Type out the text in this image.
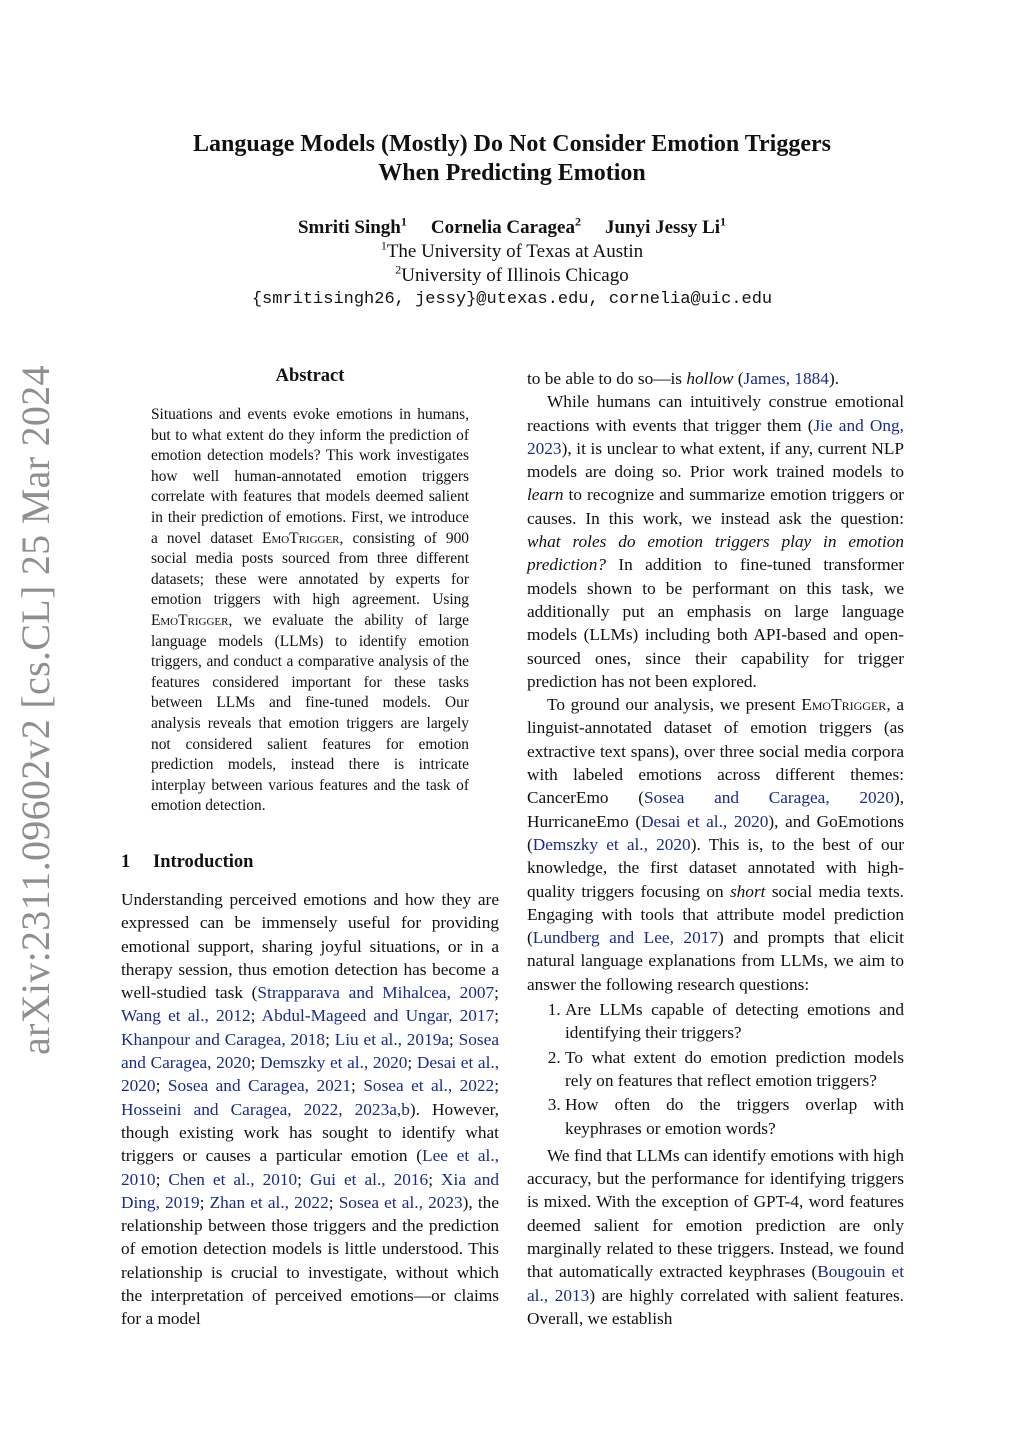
arXiv:2311.09602v2 [cs.CL] 25 Mar 2024
Language Models (Mostly) Do Not Consider Emotion Triggers
When Predicting Emotion
Smriti Singh$^1$ Cornelia Caragea$^2$ Junyi Jessy Li$^1$
$^1$The University of Texas at Austin
$^2$University of Illinois Chicago
{smritisingh26, jessy}@utexas.edu, cornelia@uic.edu
Abstract
Situations and events evoke emotions in humans, but to what extent do they inform the prediction of emotion detection models? This work investigates how well human-annotated emotion triggers correlate with features that models deemed salient in their prediction of emotions. First, we introduce a novel dataset EmoTrigger, consisting of 900 social media posts sourced from three different datasets; these were annotated by experts for emotion triggers with high agreement. Using EmoTrigger, we evaluate the ability of large language models (LLMs) to identify emotion triggers, and conduct a comparative analysis of the features considered important for these tasks between LLMs and fine-tuned models. Our analysis reveals that emotion triggers are largely not considered salient features for emotion prediction models, instead there is intricate interplay between various features and the task of emotion detection.
1 Introduction

Understanding perceived emotions and how they are expressed can be immensely useful for providing emotional support, sharing joyful situations, or in a therapy session, thus emotion detection has become a well-studied task (Strapparava and Mihalcea, 2007; Wang et al., 2012; Abdul-Mageed and Ungar, 2017; Khanpour and Caragea, 2018; Liu et al., 2019a; Sosea and Caragea, 2020; Demszky et al., 2020; Desai et al., 2020; Sosea and Caragea, 2021; Sosea et al., 2022; Hosseini and Caragea, 2022, 2023a,b). However, though existing work has sought to identify what triggers or causes a particular emotion (Lee et al., 2010; Chen et al., 2010; Gui et al., 2016; Xia and Ding, 2019; Zhan et al., 2022; Sosea et al., 2023), the relationship between those triggers and the prediction of emotion detection models is little understood. This relationship is crucial to investigate, without which the interpretation of perceived emotions—or claims for a model

to be able to do so—is hollow (James, 1884).

While humans can intuitively construe emotional reactions with events that trigger them (Jie and Ong, 2023), it is unclear to what extent, if any, current NLP models are doing so. Prior work trained models to learn to recognize and summarize emotion triggers or causes. In this work, we instead ask the question: what roles do emotion triggers play in emotion prediction? In addition to fine-tuned transformer models shown to be performant on this task, we additionally put an emphasis on large language models (LLMs) including both API-based and open-sourced ones, since their capability for trigger prediction has not been explored.

To ground our analysis, we present EmoTrigger, a linguist-annotated dataset of emotion triggers (as extractive text spans), over three social media corpora with labeled emotions across different themes: CancerEmo (Sosea and Caragea, 2020), HurricaneEmo (Desai et al., 2020), and GoEmotions (Demszky et al., 2020). This is, to the best of our knowledge, the first dataset annotated with high-quality triggers focusing on short social media texts. Engaging with tools that attribute model prediction (Lundberg and Lee, 2017) and prompts that elicit natural language explanations from LLMs, we aim to answer the following research questions:

1. Are LLMs capable of detecting emotions and identifying their triggers?
2. To what extent do emotion prediction models rely on features that reflect emotion triggers?
3. How often do the triggers overlap with keyphrases or emotion words?

We find that LLMs can identify emotions with high accuracy, but the performance for identifying triggers is mixed. With the exception of GPT-4, word features deemed salient for emotion prediction are only marginally related to these triggers. Instead, we found that automatically extracted keyphrases (Bougouin et al., 2013) are highly correlated with salient features. Overall, we establish
